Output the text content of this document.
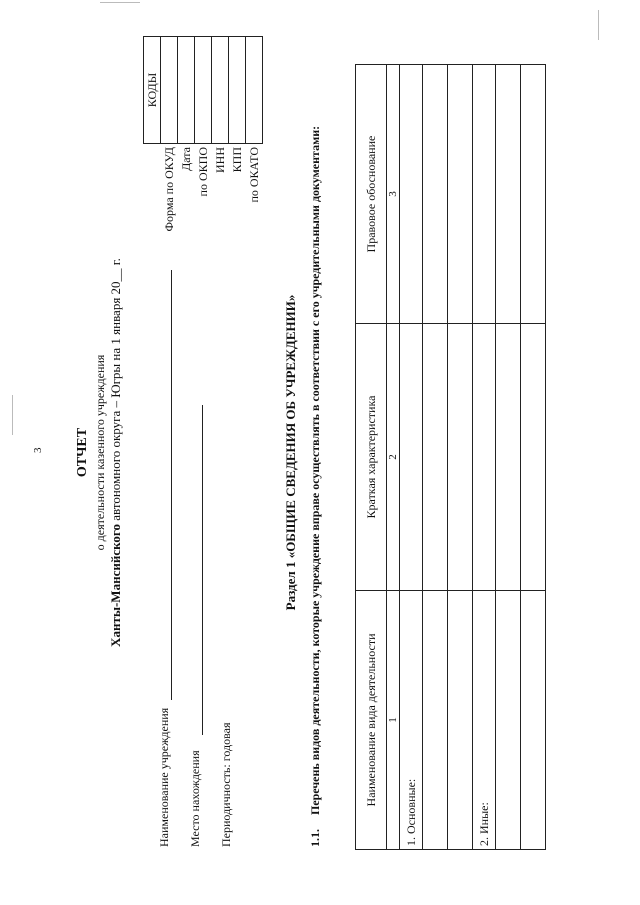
3 ОТЧЕТ о деятельности казенного учреждения
Ханты-Мансийского автономного округа – Югры на 1 января 20__ г.
Наименование учреждения Место нахождения Периодичность: годовая
	КОДЫ
Форма по ОКУД	
Дата	
по ОКПО	
ИНН	
КПП	
по ОКАТО	
Раздел 1 «ОБЩИЕ СВЕДЕНИЯ ОБ УЧРЕЖДЕНИИ»
1.1.Перечень видов деятельности, которые учреждение вправе осуществлять в соответствии с его учредительными документами:	Наименование вида деятельности	Краткая характеристика	Правовое обоснование
1	2	3
1. Основные:		

2. Иные:		
